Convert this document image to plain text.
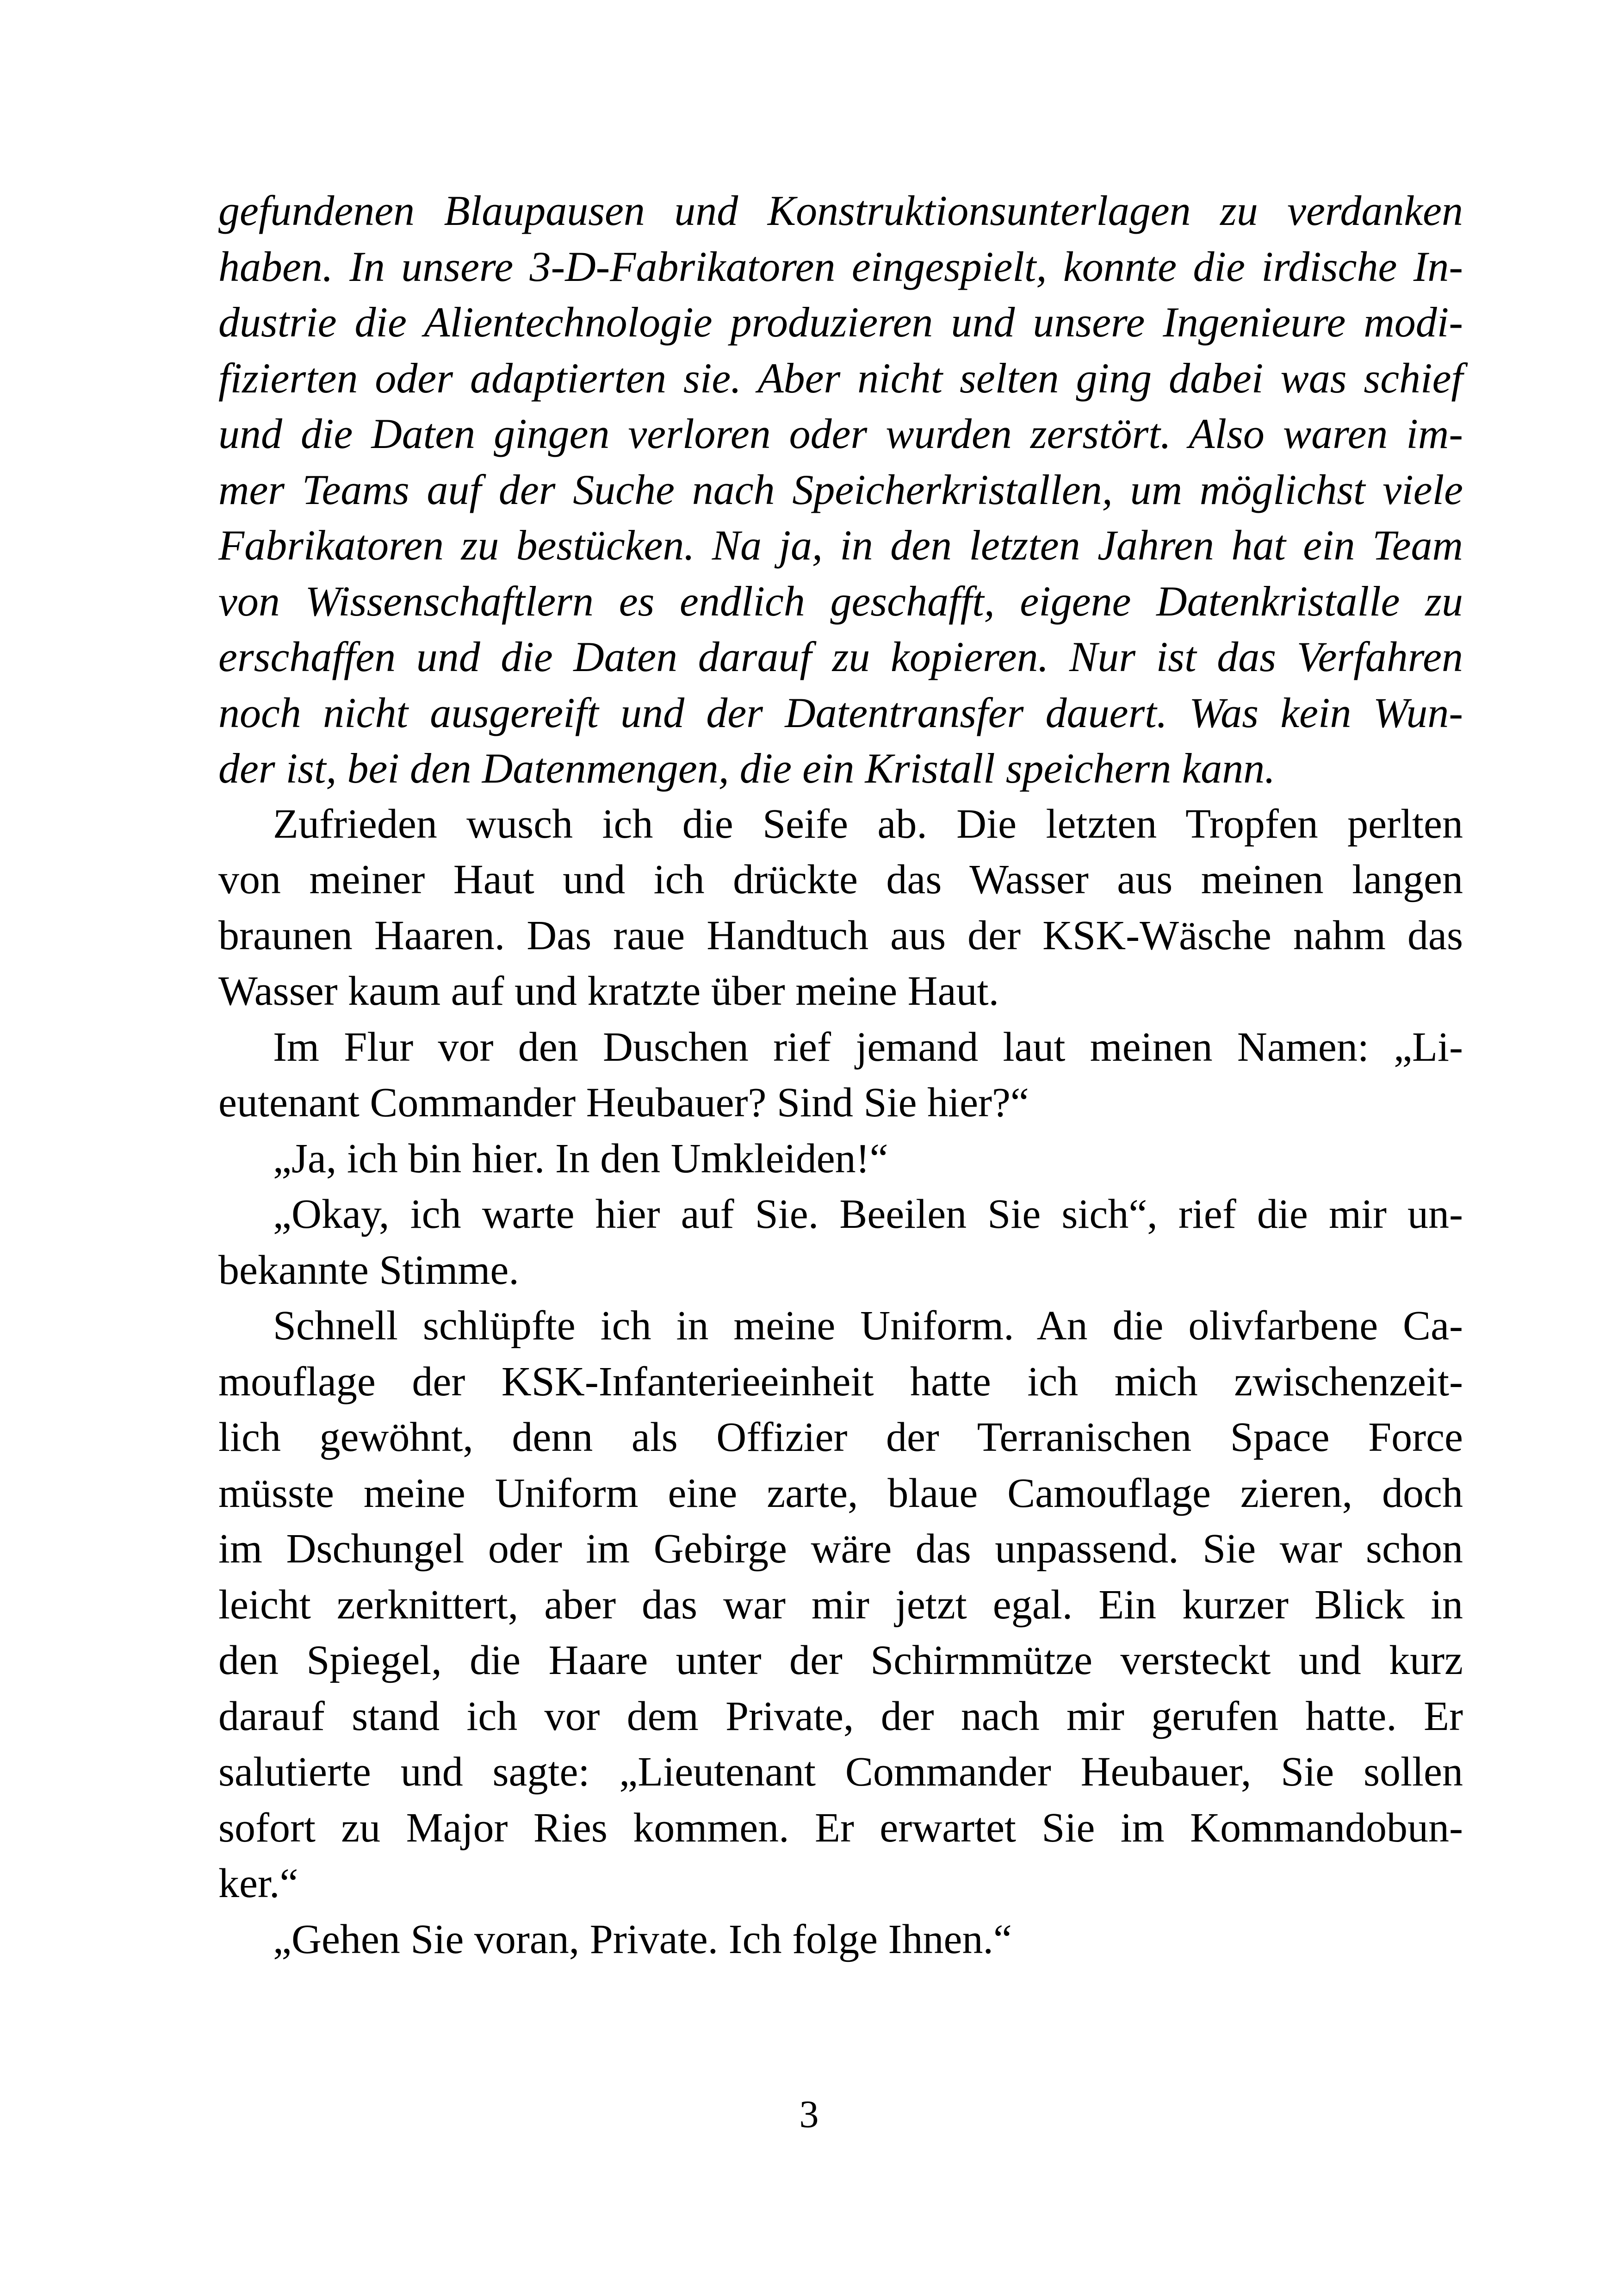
gefundenen Blaupausen und Konstruktionsunterlagen zu verdanken
haben. In unsere 3-D-Fabrikatoren eingespielt, konnte die irdische In-
dustrie die Alientechnologie produzieren und unsere Ingenieure modi-
fizierten oder adaptierten sie. Aber nicht selten ging dabei was schief
und die Daten gingen verloren oder wurden zerstört. Also waren im-
mer Teams auf der Suche nach Speicherkristallen, um möglichst viele
Fabrikatoren zu bestücken. Na ja, in den letzten Jahren hat ein Team
von Wissenschaftlern es endlich geschafft, eigene Datenkristalle zu
erschaffen und die Daten darauf zu kopieren. Nur ist das Verfahren
noch nicht ausgereift und der Datentransfer dauert. Was kein Wun-
der ist, bei den Datenmengen, die ein Kristall speichern kann.
Zufrieden wusch ich die Seife ab. Die letzten Tropfen perlten
von meiner Haut und ich drückte das Wasser aus meinen langen
braunen Haaren. Das raue Handtuch aus der KSK-Wäsche nahm das
Wasser kaum auf und kratzte über meine Haut.
Im Flur vor den Duschen rief jemand laut meinen Namen: „Li-
eutenant Commander Heubauer? Sind Sie hier?“
„Ja, ich bin hier. In den Umkleiden!“
„Okay, ich warte hier auf Sie. Beeilen Sie sich“, rief die mir un-
bekannte Stimme.
Schnell schlüpfte ich in meine Uniform. An die olivfarbene Ca-
mouflage der KSK-Infanterieeinheit hatte ich mich zwischenzeit-
lich gewöhnt, denn als Offizier der Terranischen Space Force
müsste meine Uniform eine zarte, blaue Camouflage zieren, doch
im Dschungel oder im Gebirge wäre das unpassend. Sie war schon
leicht zerknittert, aber das war mir jetzt egal. Ein kurzer Blick in
den Spiegel, die Haare unter der Schirmmütze versteckt und kurz
darauf stand ich vor dem Private, der nach mir gerufen hatte. Er
salutierte und sagte: „Lieutenant Commander Heubauer, Sie sollen
sofort zu Major Ries kommen. Er erwartet Sie im Kommandobun-
ker.“
„Gehen Sie voran, Private. Ich folge Ihnen.“
3
